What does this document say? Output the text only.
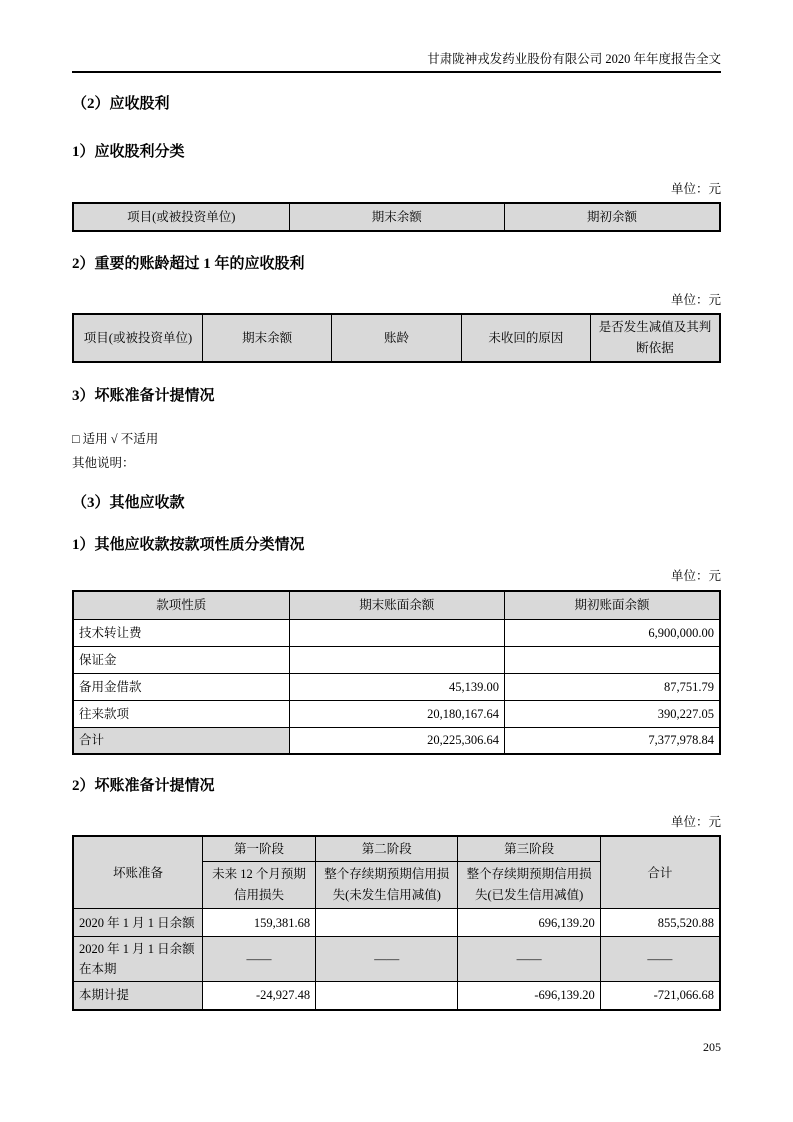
甘肃陇神戎发药业股份有限公司 2020 年年度报告全文
（2）应收股利
1）应收股利分类
单位：元
项目(或被投资单位)	期末余额	期初余额
2）重要的账龄超过 1 年的应收股利
单位：元
项目(或被投资单位)	期末余额	账龄	未收回的原因	是否发生减值及其判断依据
3）坏账准备计提情况
□ 适用 √ 不适用
其他说明：
（3）其他应收款
1）其他应收款按款项性质分类情况
单位：元
款项性质	期末账面余额	期初账面余额
技术转让费		6,900,000.00
保证金		
备用金借款	45,139.00	87,751.79
往来款项	20,180,167.64	390,227.05
合计	20,225,306.64	7,377,978.84
2）坏账准备计提情况
单位：元
坏账准备	第一阶段	第二阶段	第三阶段	合计
	未来 12 个月预期信用损失	整个存续期预期信用损失(未发生信用减值)	整个存续期预期信用损失(已发生信用减值)	
2020 年 1 月 1 日余额	159,381.68		696,139.20	855,520.88
2020 年 1 月 1 日余额在本期	——	——	——	——
本期计提	-24,927.48		-696,139.20	-721,066.68
205
